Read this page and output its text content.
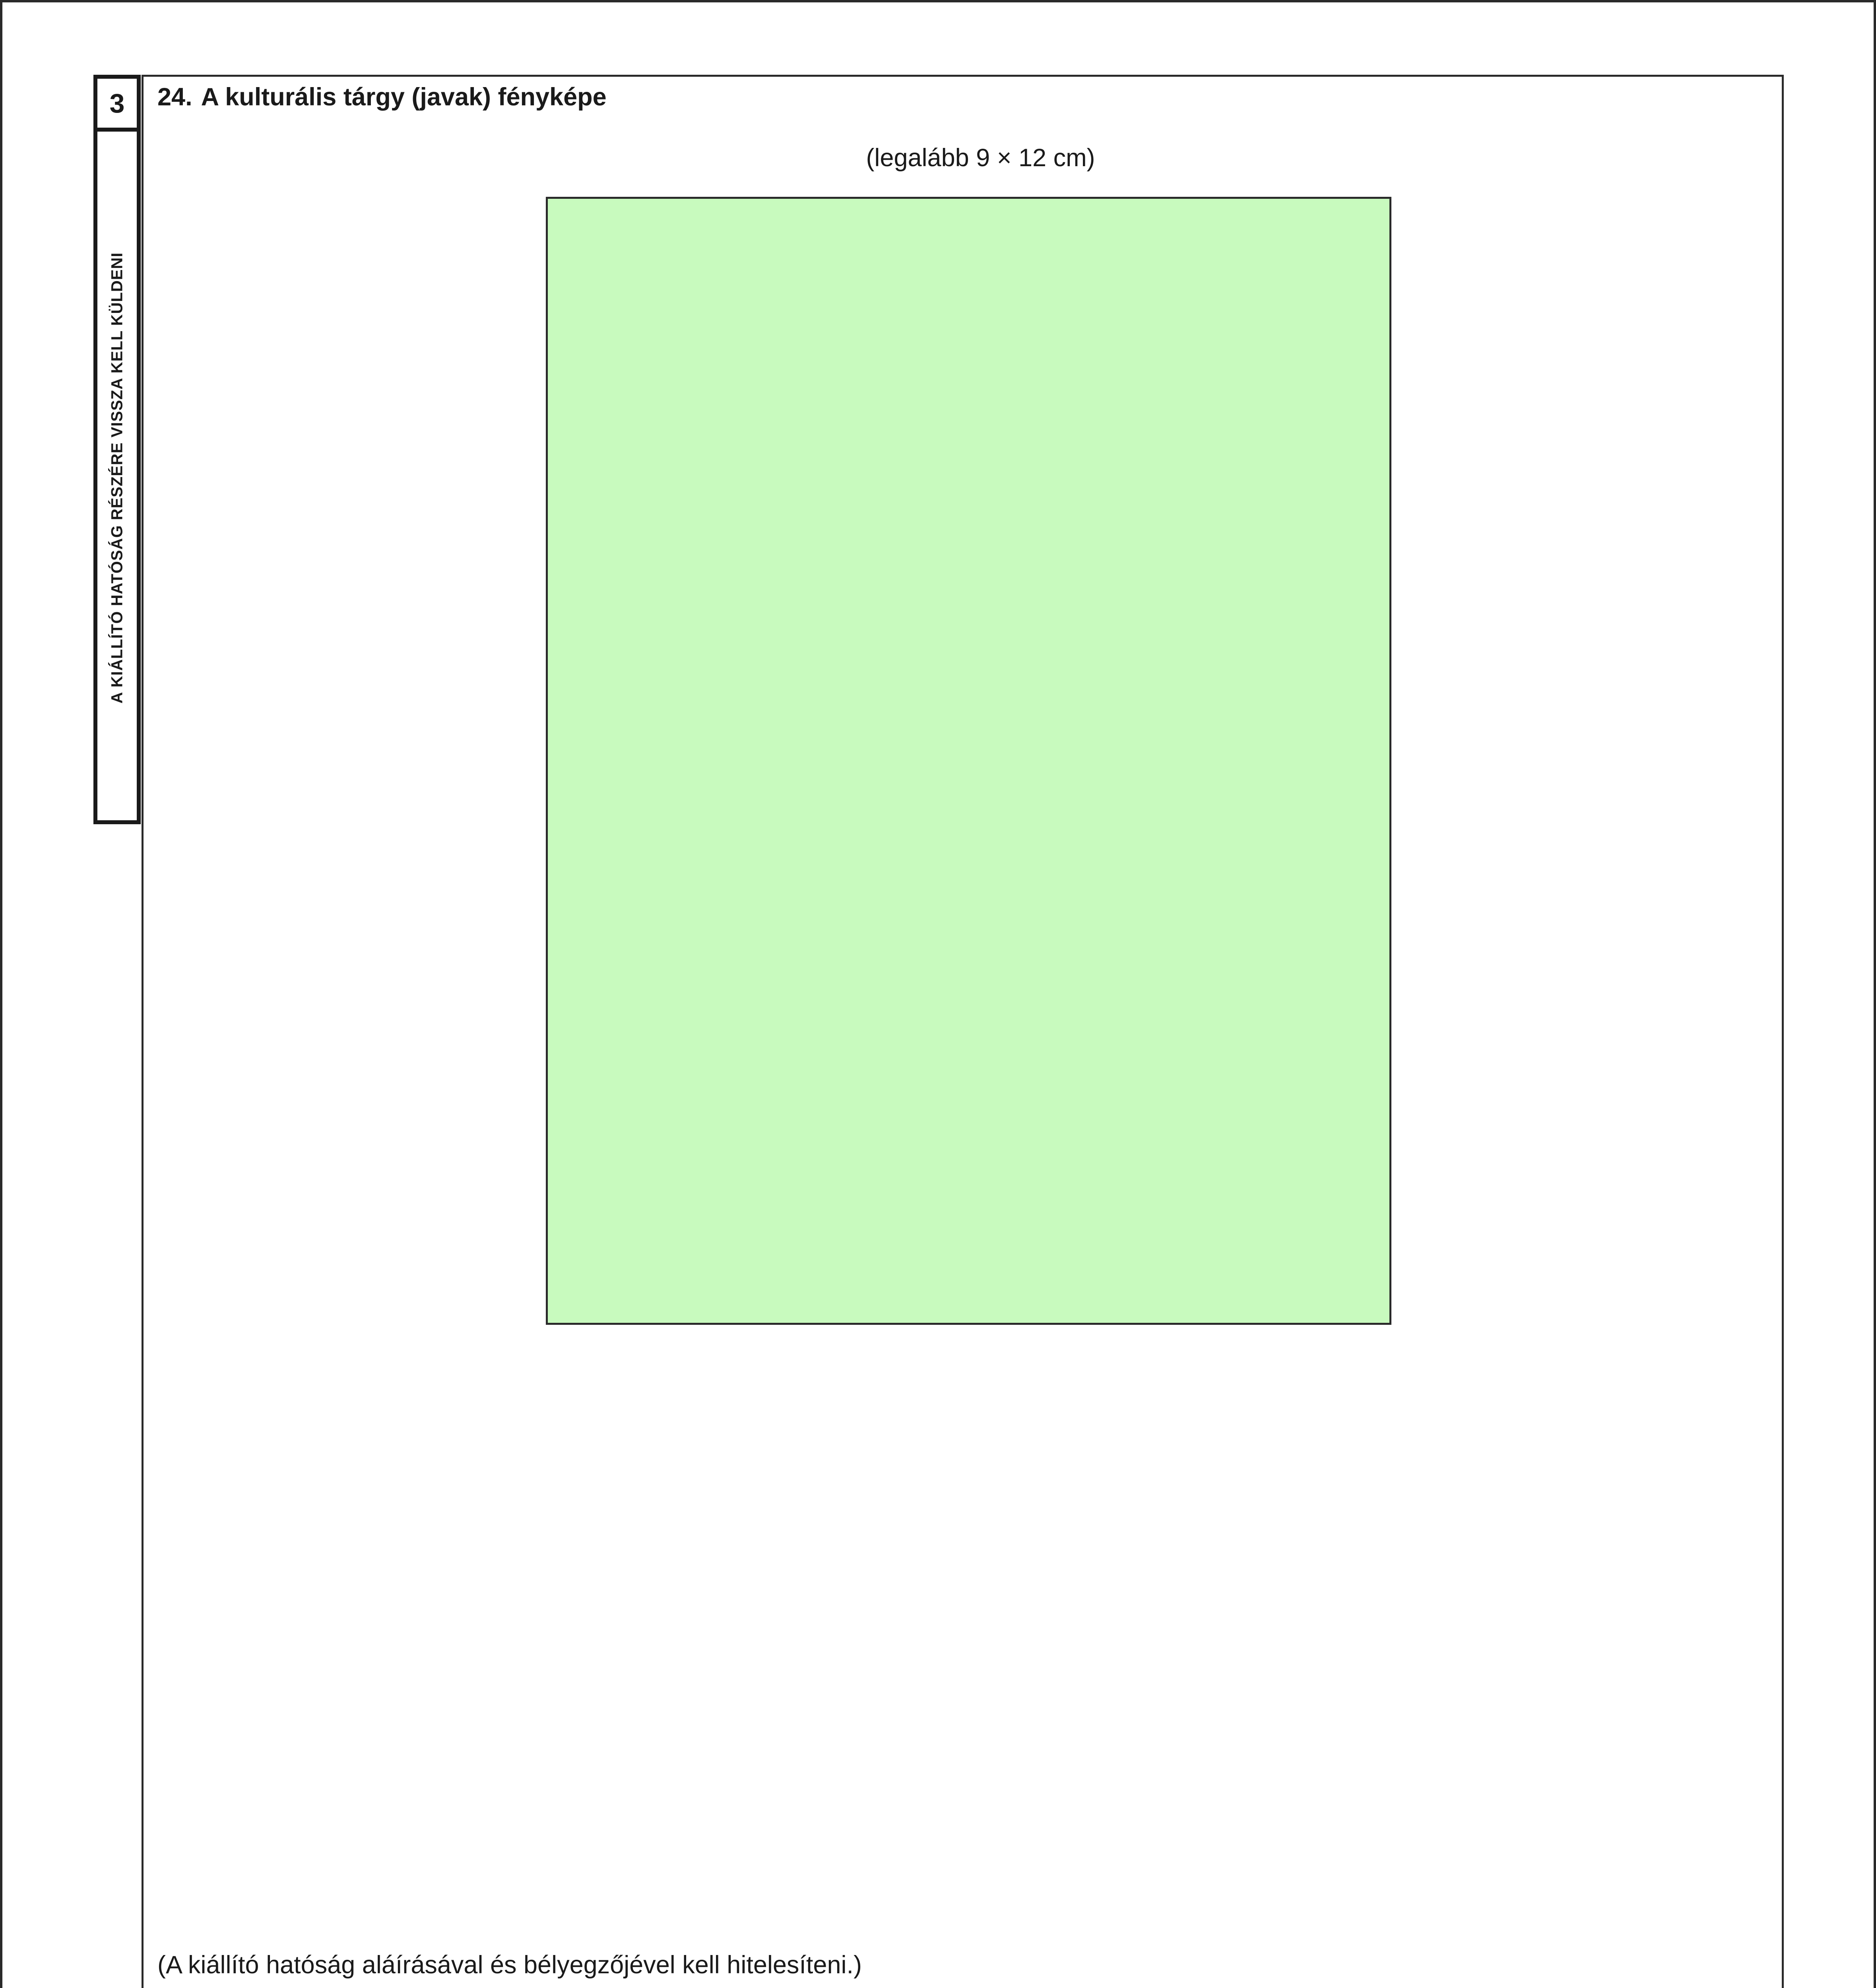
3
A KIÁLLÍTÓ HATÓSÁG RÉSZÉRE VISSZA KELL KÜLDENI
24. A kulturális tárgy (javak) fényképe
(legalább 9 × 12 cm)
(A kiállító hatóság aláírásával és bélyegzőjével kell hitelesíteni.)
